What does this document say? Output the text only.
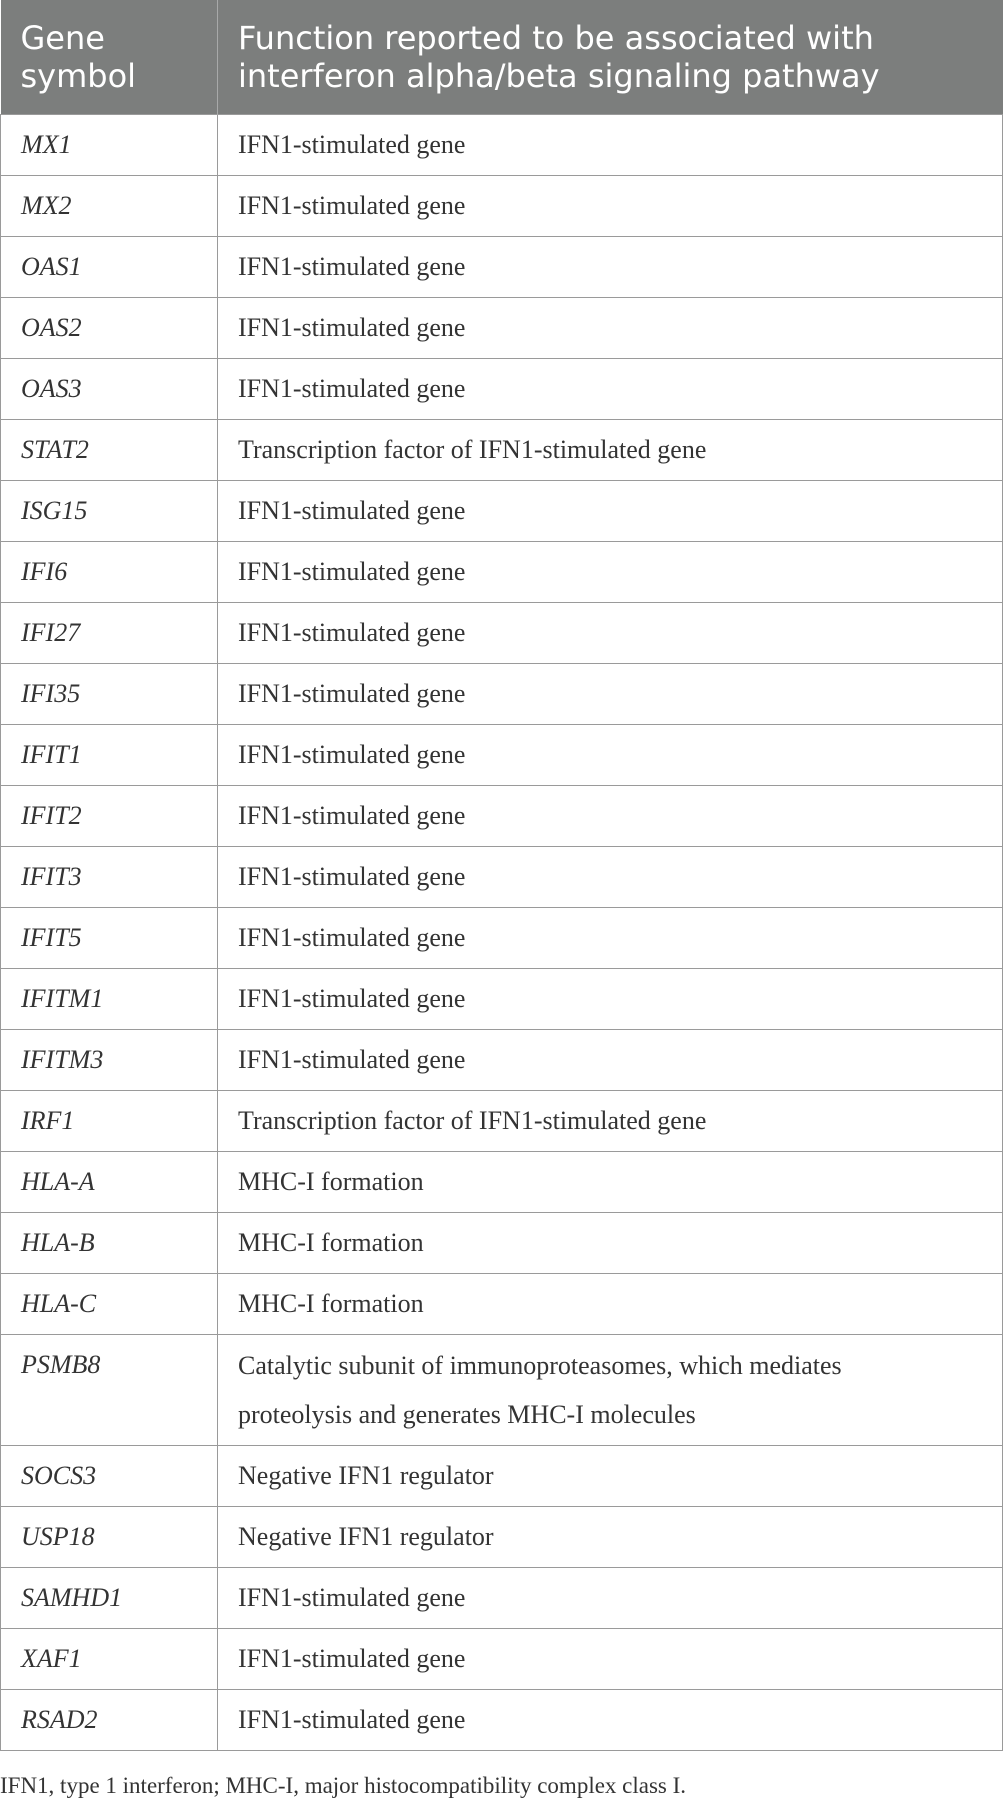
Gene
symbol	Function reported to be associated with
interferon alpha/beta signaling pathway
MX1	IFN1-stimulated gene
MX2	IFN1-stimulated gene
OAS1	IFN1-stimulated gene
OAS2	IFN1-stimulated gene
OAS3	IFN1-stimulated gene
STAT2	Transcription factor of IFN1-stimulated gene
ISG15	IFN1-stimulated gene
IFI6	IFN1-stimulated gene
IFI27	IFN1-stimulated gene
IFI35	IFN1-stimulated gene
IFIT1	IFN1-stimulated gene
IFIT2	IFN1-stimulated gene
IFIT3	IFN1-stimulated gene
IFIT5	IFN1-stimulated gene
IFITM1	IFN1-stimulated gene
IFITM3	IFN1-stimulated gene
IRF1	Transcription factor of IFN1-stimulated gene
HLA-A	MHC-I formation
HLA-B	MHC-I formation
HLA-C	MHC-I formation
PSMB8	Catalytic subunit of immunoproteasomes, which mediates
proteolysis and generates MHC-I molecules
SOCS3	Negative IFN1 regulator
USP18	Negative IFN1 regulator
SAMHD1	IFN1-stimulated gene
XAF1	IFN1-stimulated gene
RSAD2	IFN1-stimulated gene
IFN1, type 1 interferon; MHC-I, major histocompatibility complex class I.
